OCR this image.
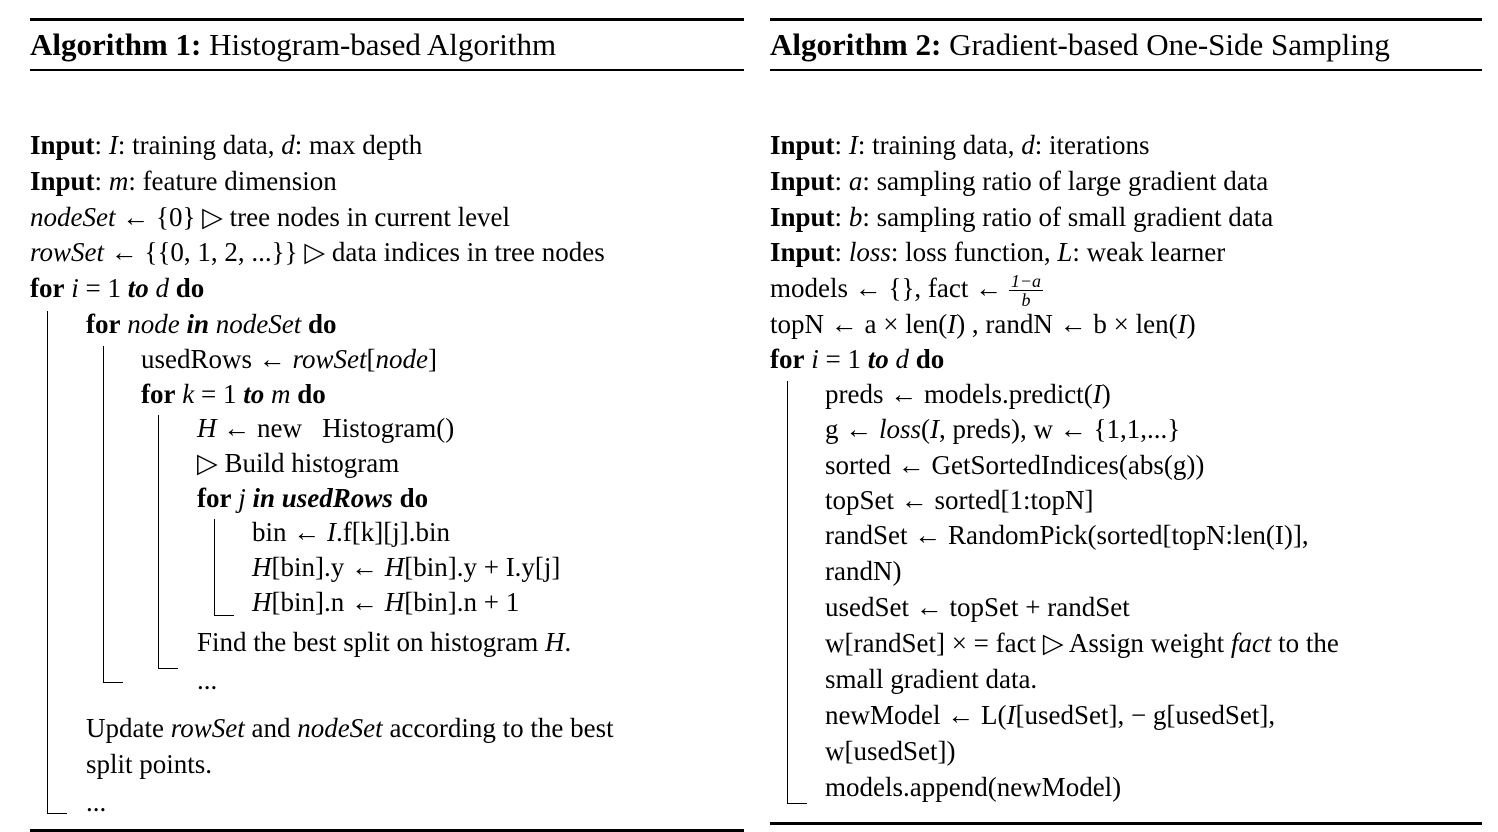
Algorithm 1: Histogram-based Algorithm
Input: I: training data, d: max depth
Input: m: feature dimension
nodeSet ← {0} ▷ tree nodes in current level
rowSet ← {{0, 1, 2, ...}} ▷ data indices in tree nodes
for i = 1 to d do
for node in nodeSet do
usedRows ← rowSet[node]
for k = 1 to m do
H ← new   Histogram()
▷ Build histogram
for j in usedRows do
bin ← I.f[k][j].bin
H[bin].y ← H[bin].y + I.y[j]
H[bin].n ← H[bin].n + 1
Find the best split on histogram H.
...
Update rowSet and nodeSet according to the best
split points.
...
Algorithm 2: Gradient-based One-Side Sampling
Input: I: training data, d: iterations
Input: a: sampling ratio of large gradient data
Input: b: sampling ratio of small gradient data
Input: loss: loss function, L: weak learner
models ← {}, fact ← $\frac{1-a}{b}$
topN ← a × len(I) , randN ← b × len(I)
for i = 1 to d do
preds ← models.predict(I)
g ← loss(I, preds), w ← {1,1,...}
sorted ← GetSortedIndices(abs(g))
topSet ← sorted[1:topN]
randSet ← RandomPick(sorted[topN:len(I)],
randN)
usedSet ← topSet + randSet
w[randSet] × = fact ▷ Assign weight fact to the
small gradient data.
newModel ← L(I[usedSet], − g[usedSet],
w[usedSet])
models.append(newModel)
